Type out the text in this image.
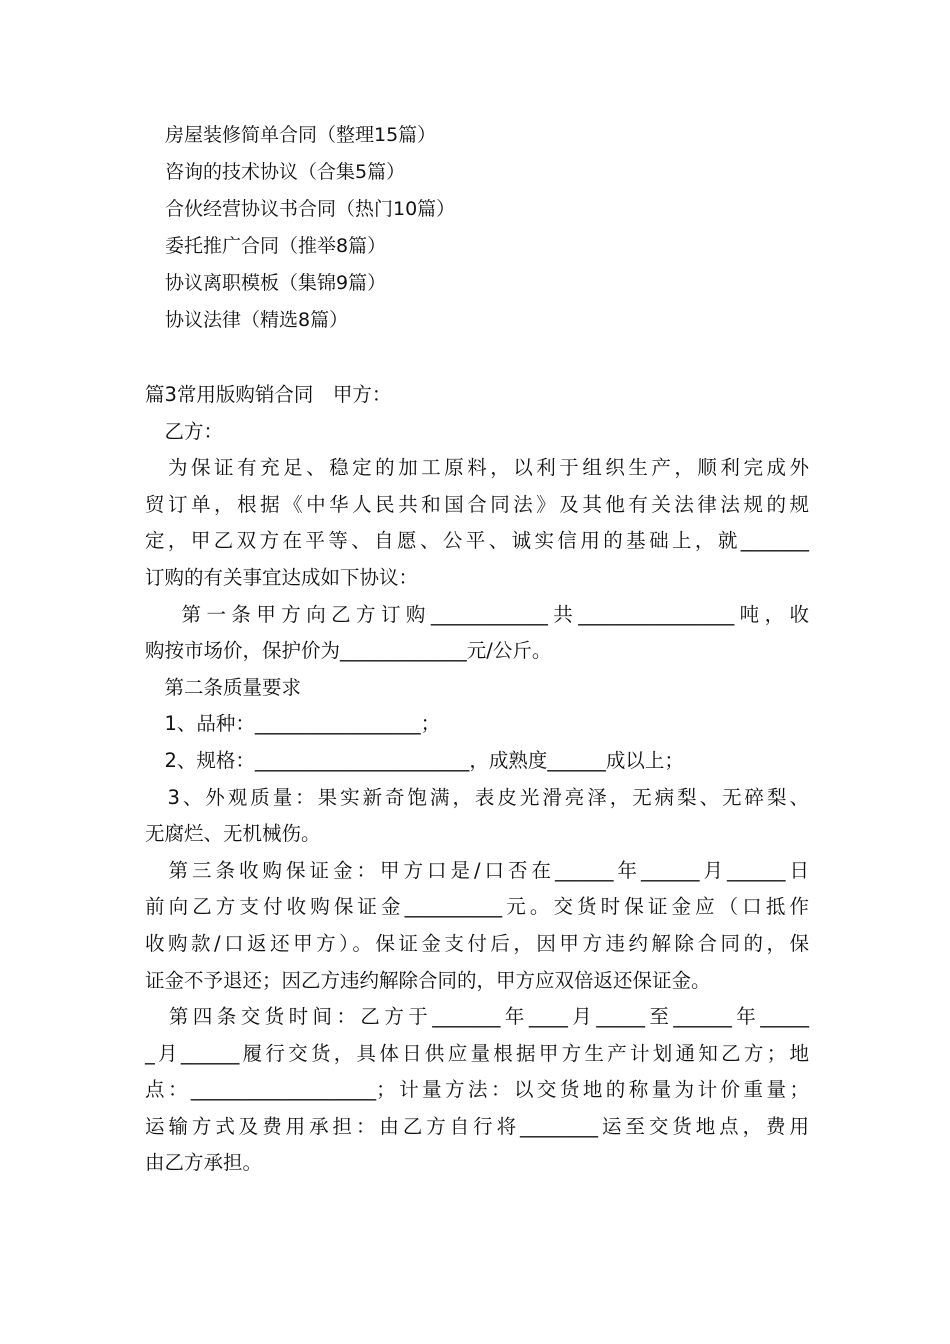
房屋装修简单合同（整理15篇）
咨询的技术协议（合集5篇）
合伙经营协议书合同（热门10篇）
委托推广合同（推举8篇）
协议离职模板（集锦9篇）
协议法律（精选8篇）
篇3常用版购销合同　甲方：
　乙方：
　为保证有充足、稳定的加工原料，以利于组织生产，顺利完成外
贸订单，根据《中华人民共和国合同法》及其他有关法律法规的规
定，甲乙双方在平等、自愿、公平、诚实信用的基础上，就_______
订购的有关事宜达成如下协议：
　 第一条甲方向乙方订购____________共________________吨，收
购按市场价，保护价为_____________元/公斤。
　第二条质量要求
　1、品种：_________________；
　2、规格：______________________，成熟度______成以上；
　3、外观质量：果实新奇饱满，表皮光滑亮泽，无病梨、无碎梨、
无腐烂、无机械伤。
　第三条收购保证金：甲方口是/口否在______年______月______日
前向乙方支付收购保证金__________元。交货时保证金应（口抵作
收购款/口返还甲方）。保证金支付后，因甲方违约解除合同的，保
证金不予退还；因乙方违约解除合同的，甲方应双倍返还保证金。
　第四条交货时间：乙方于_______年____月_____至______年_____
_月______履行交货，具体日供应量根据甲方生产计划通知乙方；地
点：___________________；计量方法：以交货地的称量为计价重量；
运输方式及费用承担：由乙方自行将________运至交货地点，费用
由乙方承担。
